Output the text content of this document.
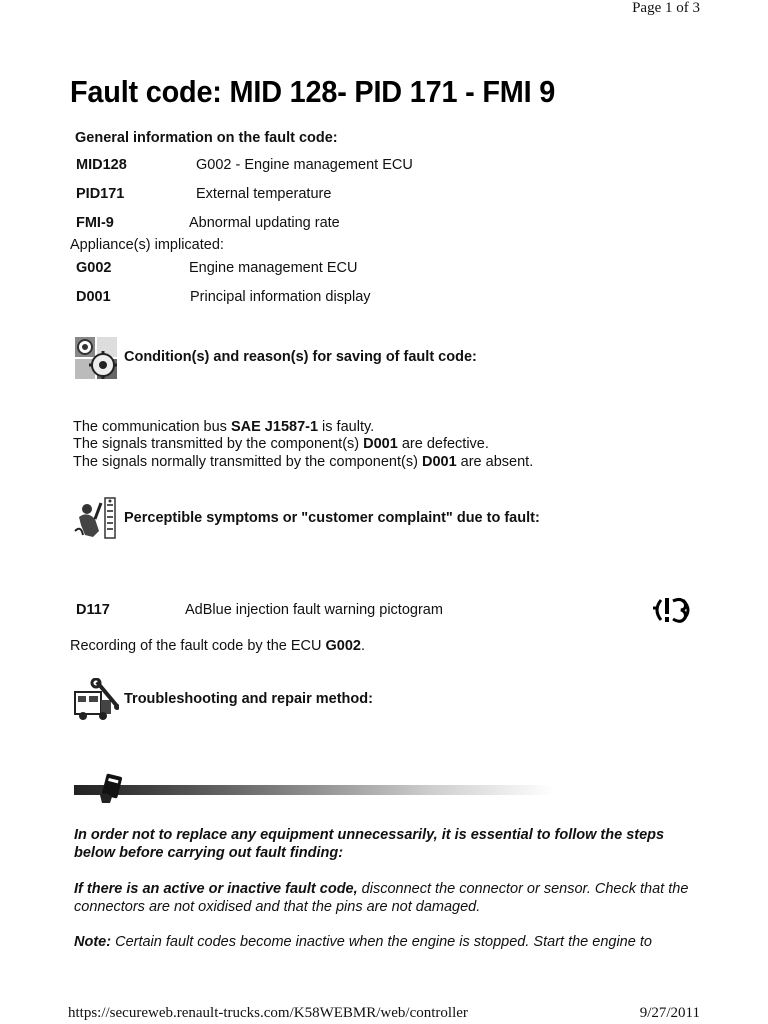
Page 1 of 3
Fault code: MID 128- PID 171 - FMI 9
General information on the fault code:
MID128	G002 - Engine management ECU
PID171	External temperature
FMI-9	Abnormal updating rate
Appliance(s) implicated:
G002	Engine management ECU
D001	Principal information display
Condition(s) and reason(s) for saving of fault code:
The communication bus SAE J1587-1 is faulty.
The signals transmitted by the component(s) D001 are defective.
The signals normally transmitted by the component(s) D001 are absent.
Perceptible symptoms or "customer complaint" due to fault:
D117	AdBlue injection fault warning pictogram
Recording of the fault code by the ECU G002.
Troubleshooting and repair method:
In order not to replace any equipment unnecessarily, it is essential to follow the steps below before carrying out fault finding:
If there is an active or inactive fault code, disconnect the connector or sensor. Check that the connectors are not oxidised and that the pins are not damaged.
Note: Certain fault codes become inactive when the engine is stopped. Start the engine to
https://secureweb.renault-trucks.com/K58WEBMR/web/controller	9/27/2011
